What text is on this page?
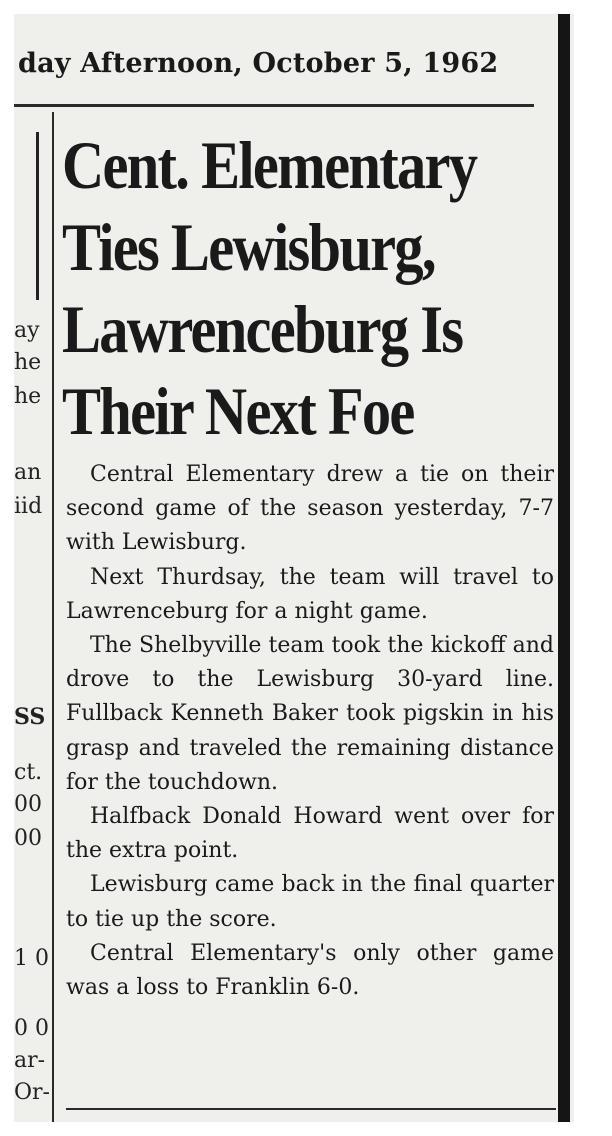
day Afternoon, October 5, 1962
ay
he
he
an
iid
SS
ct.
00
00
1 0
0 0
ar-
Or-
Cent. Elementary
Ties Lewisburg,
Lawrenceburg Is
Their Next Foe

Central Elementary drew a tie on their second game of the season yesterday, 7-7 with Lewisburg.

Next Thurdsay, the team will travel to Lawrenceburg for a night game.

The Shelbyville team took the kickoff and drove to the Lewisburg 30-yard line. Fullback Kenneth Baker took pigskin in his grasp and traveled the remaining distance for the touchdown.

Halfback Donald Howard went over for the extra point.

Lewisburg came back in the final quarter to tie up the score.

Central Elementary's only other game was a loss to Franklin 6-0.
